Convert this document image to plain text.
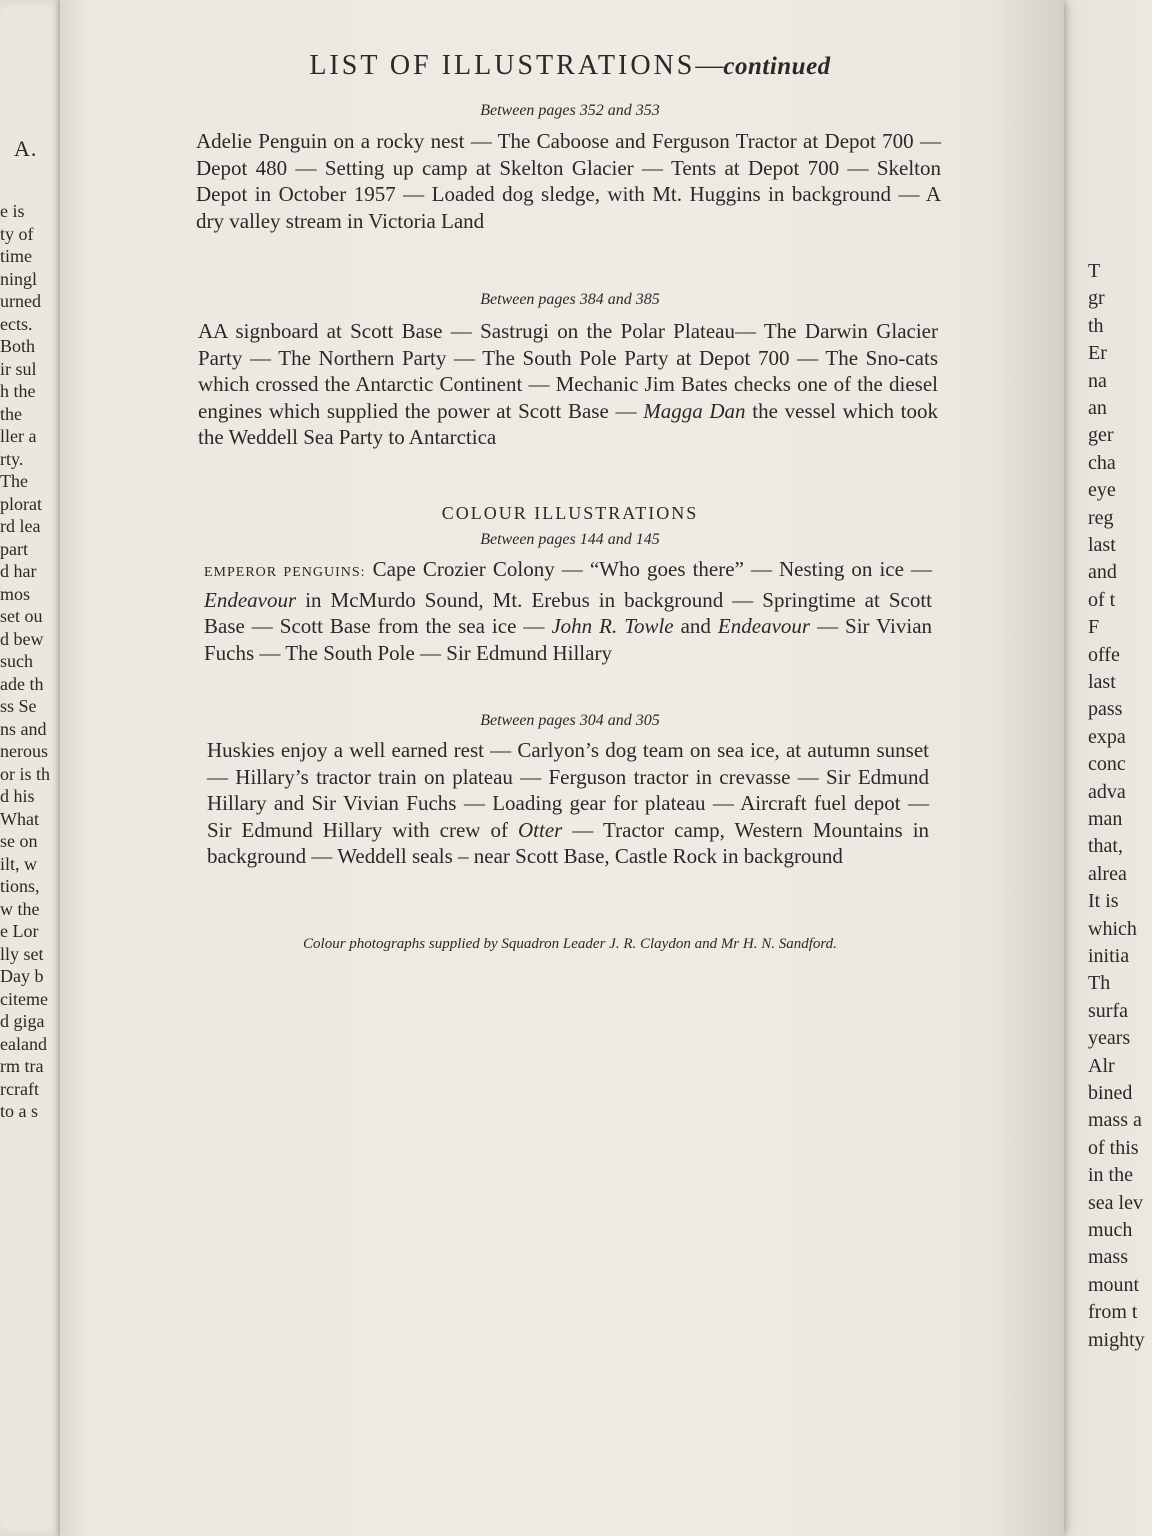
A.
e is
ty of
time
ningl
urned
ects.
Both
ir sul
h the
the
ller a
rty.
The
plorat
rd lea
part
d har
mos
set ou
d bew
such
ade th
ss Se
ns and
nerous
or is th
d his
What
se on
ilt, w
tions,
w the
e Lor
lly set
Day b
citeme
d giga
ealand
rm tra
rcraft
to a s
T
gr
th
Er
na
an
ger
cha
eye
reg
last
and
of t
F
offe
last
pass
expa
conc
adva
man
that,
alrea
It is
which
initia
Th
surfa
years
Alr
bined
mass a
of this
in the
sea lev
much
mass
mount
from t
mighty
LIST OF ILLUSTRATIONS—continued
Between pages 352 and 353
Adelie Penguin on a rocky nest — The Caboose and Ferguson Tractor at Depot 700 — Depot 480 — Setting up camp at Skelton Glacier — Tents at Depot 700 — Skelton Depot in October 1957 — Loaded dog sledge, with Mt. Huggins in background — A dry valley stream in Victoria Land
Between pages 384 and 385
AA signboard at Scott Base — Sastrugi on the Polar Plateau— The Darwin Glacier Party — The Northern Party — The South Pole Party at Depot 700 — The Sno-cats which crossed the Antarctic Continent — Mechanic Jim Bates checks one of the diesel engines which supplied the power at Scott Base — Magga Dan the vessel which took the Weddell Sea Party to Antarctica
COLOUR ILLUSTRATIONS
Between pages 144 and 145
EMPEROR PENGUINS: Cape Crozier Colony — “Who goes there” — Nesting on ice — Endeavour in McMurdo Sound, Mt. Erebus in background — Springtime at Scott Base — Scott Base from the sea ice — John R. Towle and Endeavour — Sir Vivian Fuchs — The South Pole — Sir Edmund Hillary
Between pages 304 and 305
Huskies enjoy a well earned rest — Carlyon’s dog team on sea ice, at autumn sunset — Hillary’s tractor train on plateau — Ferguson tractor in crevasse — Sir Edmund Hillary and Sir Vivian Fuchs — Loading gear for plateau — Aircraft fuel depot — Sir Edmund Hillary with crew of Otter — Tractor camp, Western Mountains in background — Weddell seals – near Scott Base, Castle Rock in background
Colour photographs supplied by Squadron Leader J. R. Claydon and Mr H. N. Sandford.
